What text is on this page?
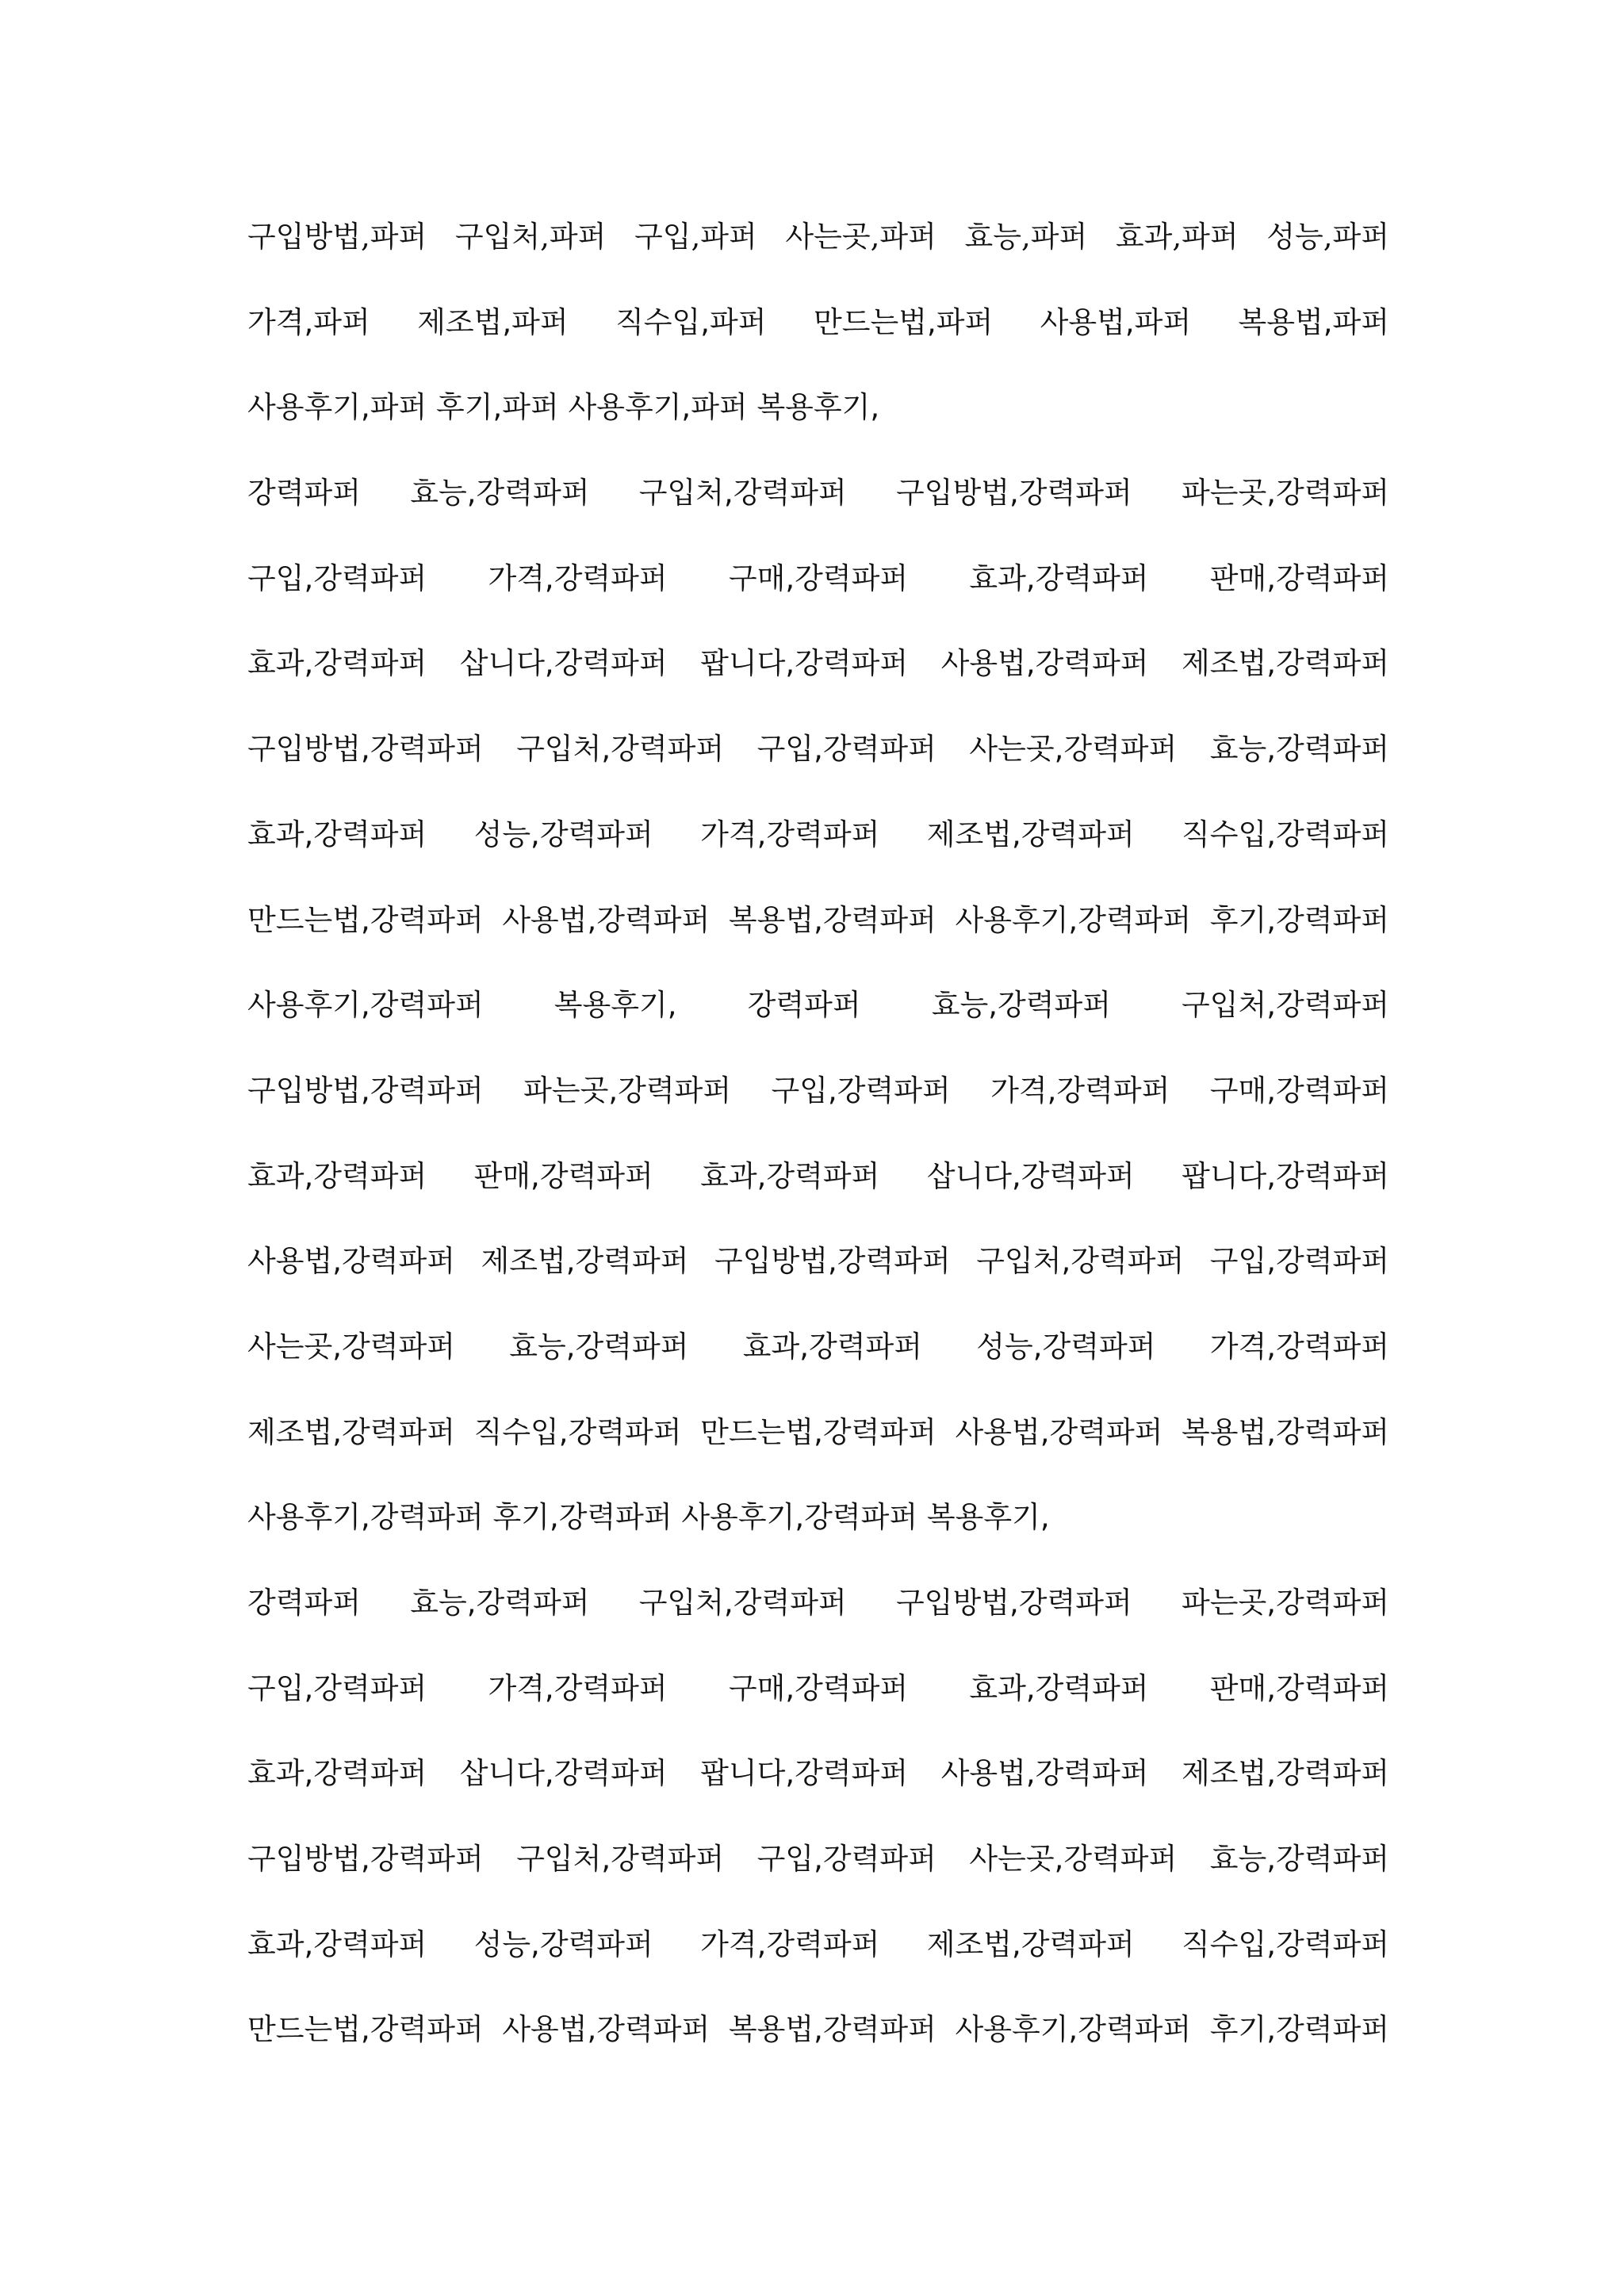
구입방법,파퍼 구입처,파퍼 구입,파퍼 사는곳,파퍼 효능,파퍼 효과,파퍼 성능,파퍼
가격,파퍼 제조법,파퍼 직수입,파퍼 만드는법,파퍼 사용법,파퍼 복용법,파퍼
사용후기,파퍼 후기,파퍼 사용후기,파퍼 복용후기,
강력파퍼 효능,강력파퍼 구입처,강력파퍼 구입방법,강력파퍼 파는곳,강력파퍼
구입,강력파퍼 가격,강력파퍼 구매,강력파퍼 효과,강력파퍼 판매,강력파퍼
효과,강력파퍼 삽니다,강력파퍼 팝니다,강력파퍼 사용법,강력파퍼 제조법,강력파퍼
구입방법,강력파퍼 구입처,강력파퍼 구입,강력파퍼 사는곳,강력파퍼 효능,강력파퍼
효과,강력파퍼 성능,강력파퍼 가격,강력파퍼 제조법,강력파퍼 직수입,강력파퍼
만드는법,강력파퍼 사용법,강력파퍼 복용법,강력파퍼 사용후기,강력파퍼 후기,강력파퍼
사용후기,강력파퍼 복용후기, 강력파퍼 효능,강력파퍼 구입처,강력파퍼
구입방법,강력파퍼 파는곳,강력파퍼 구입,강력파퍼 가격,강력파퍼 구매,강력파퍼
효과,강력파퍼 판매,강력파퍼 효과,강력파퍼 삽니다,강력파퍼 팝니다,강력파퍼
사용법,강력파퍼 제조법,강력파퍼 구입방법,강력파퍼 구입처,강력파퍼 구입,강력파퍼
사는곳,강력파퍼 효능,강력파퍼 효과,강력파퍼 성능,강력파퍼 가격,강력파퍼
제조법,강력파퍼 직수입,강력파퍼 만드는법,강력파퍼 사용법,강력파퍼 복용법,강력파퍼
사용후기,강력파퍼 후기,강력파퍼 사용후기,강력파퍼 복용후기,
강력파퍼 효능,강력파퍼 구입처,강력파퍼 구입방법,강력파퍼 파는곳,강력파퍼
구입,강력파퍼 가격,강력파퍼 구매,강력파퍼 효과,강력파퍼 판매,강력파퍼
효과,강력파퍼 삽니다,강력파퍼 팝니다,강력파퍼 사용법,강력파퍼 제조법,강력파퍼
구입방법,강력파퍼 구입처,강력파퍼 구입,강력파퍼 사는곳,강력파퍼 효능,강력파퍼
효과,강력파퍼 성능,강력파퍼 가격,강력파퍼 제조법,강력파퍼 직수입,강력파퍼
만드는법,강력파퍼 사용법,강력파퍼 복용법,강력파퍼 사용후기,강력파퍼 후기,강력파퍼
